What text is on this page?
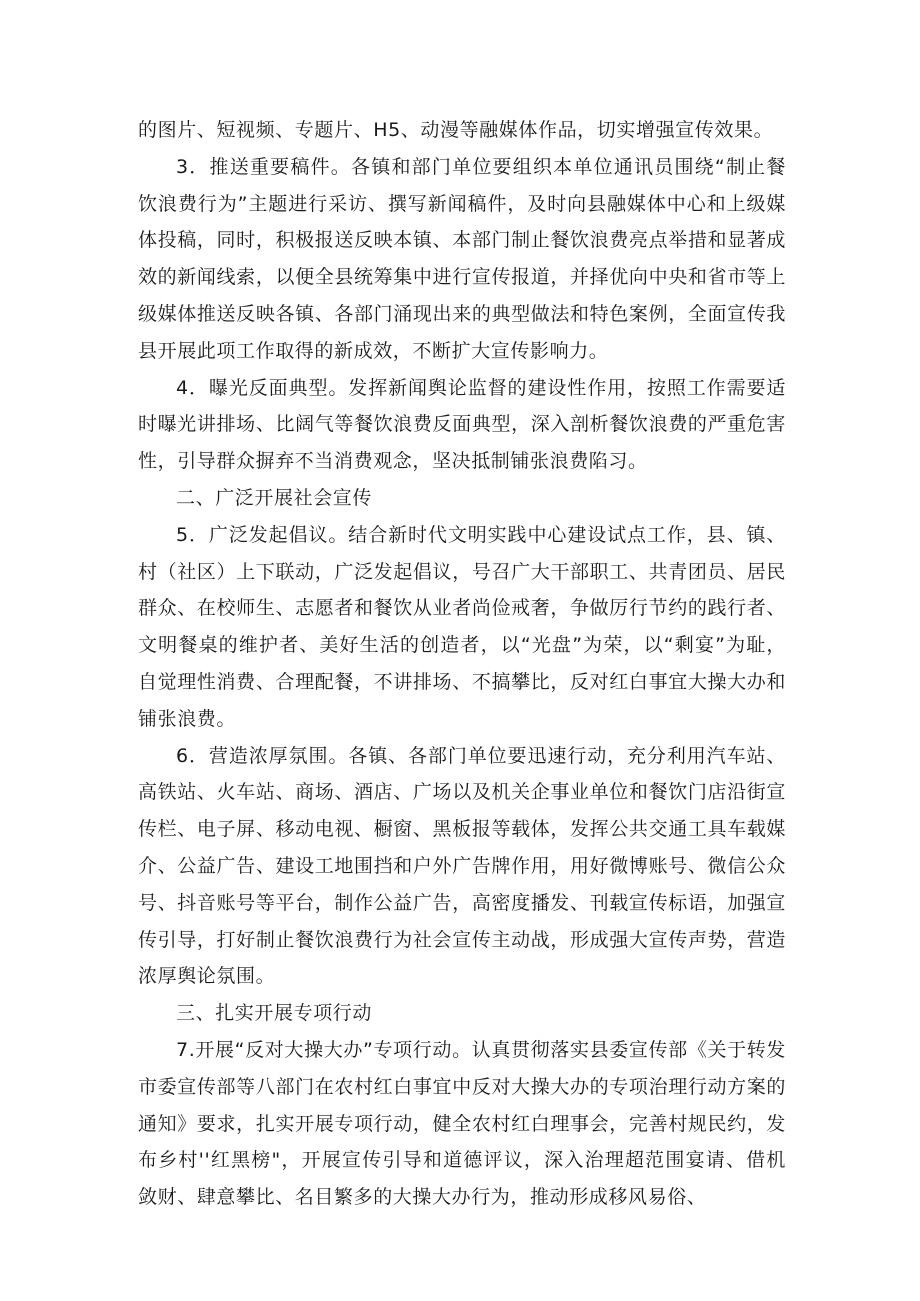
的图片、短视频、专题片、H5、动漫等融媒体作品，切实增强宣传效果。

3．推送重要稿件。各镇和部门单位要组织本单位通讯员围绕“制止餐饮浪费行为”主题进行采访、撰写新闻稿件，及时向县融媒体中心和上级媒体投稿，同时，积极报送反映本镇、本部门制止餐饮浪费亮点举措和显著成效的新闻线索，以便全县统筹集中进行宣传报道，并择优向中央和省市等上级媒体推送反映各镇、各部门涌现出来的典型做法和特色案例，全面宣传我县开展此项工作取得的新成效，不断扩大宣传影响力。

4．曝光反面典型。发挥新闻舆论监督的建设性作用，按照工作需要适时曝光讲排场、比阔气等餐饮浪费反面典型，深入剖析餐饮浪费的严重危害性，引导群众摒弃不当消费观念，坚决抵制铺张浪费陷习。

二、广泛开展社会宣传

5．广泛发起倡议。结合新时代文明实践中心建设试点工作，县、镇、村（社区）上下联动，广泛发起倡议，号召广大干部职工、共青团员、居民群众、在校师生、志愿者和餐饮从业者尚俭戒奢，争做厉行节约的践行者、文明餐桌的维护者、美好生活的创造者，以“光盘”为荣，以“剩宴”为耻，自觉理性消费、合理配餐，不讲排场、不搞攀比，反对红白事宜大操大办和铺张浪费。

6．营造浓厚氛围。各镇、各部门单位要迅速行动，充分利用汽车站、高铁站、火车站、商场、酒店、广场以及机关企事业单位和餐饮门店沿街宣传栏、电子屏、移动电视、橱窗、黑板报等载体，发挥公共交通工具车载媒介、公益广告、建设工地围挡和户外广告牌作用，用好微博账号、微信公众号、抖音账号等平台，制作公益广告，高密度播发、刊载宣传标语，加强宣传引导，打好制止餐饮浪费行为社会宣传主动战，形成强大宣传声势，营造浓厚舆论氛围。

三、扎实开展专项行动

7.开展“反对大操大办”专项行动。认真贯彻落实县委宣传部《关于转发市委宣传部等八部门在农村红白事宜中反对大操大办的专项治理行动方案的通知》要求，扎实开展专项行动，健全农村红白理事会，完善村规民约，发布乡村''红黑榜"，开展宣传引导和道德评议，深入治理超范围宴请、借机敛财、肆意攀比、名目繁多的大操大办行为，推动形成移风易俗、
